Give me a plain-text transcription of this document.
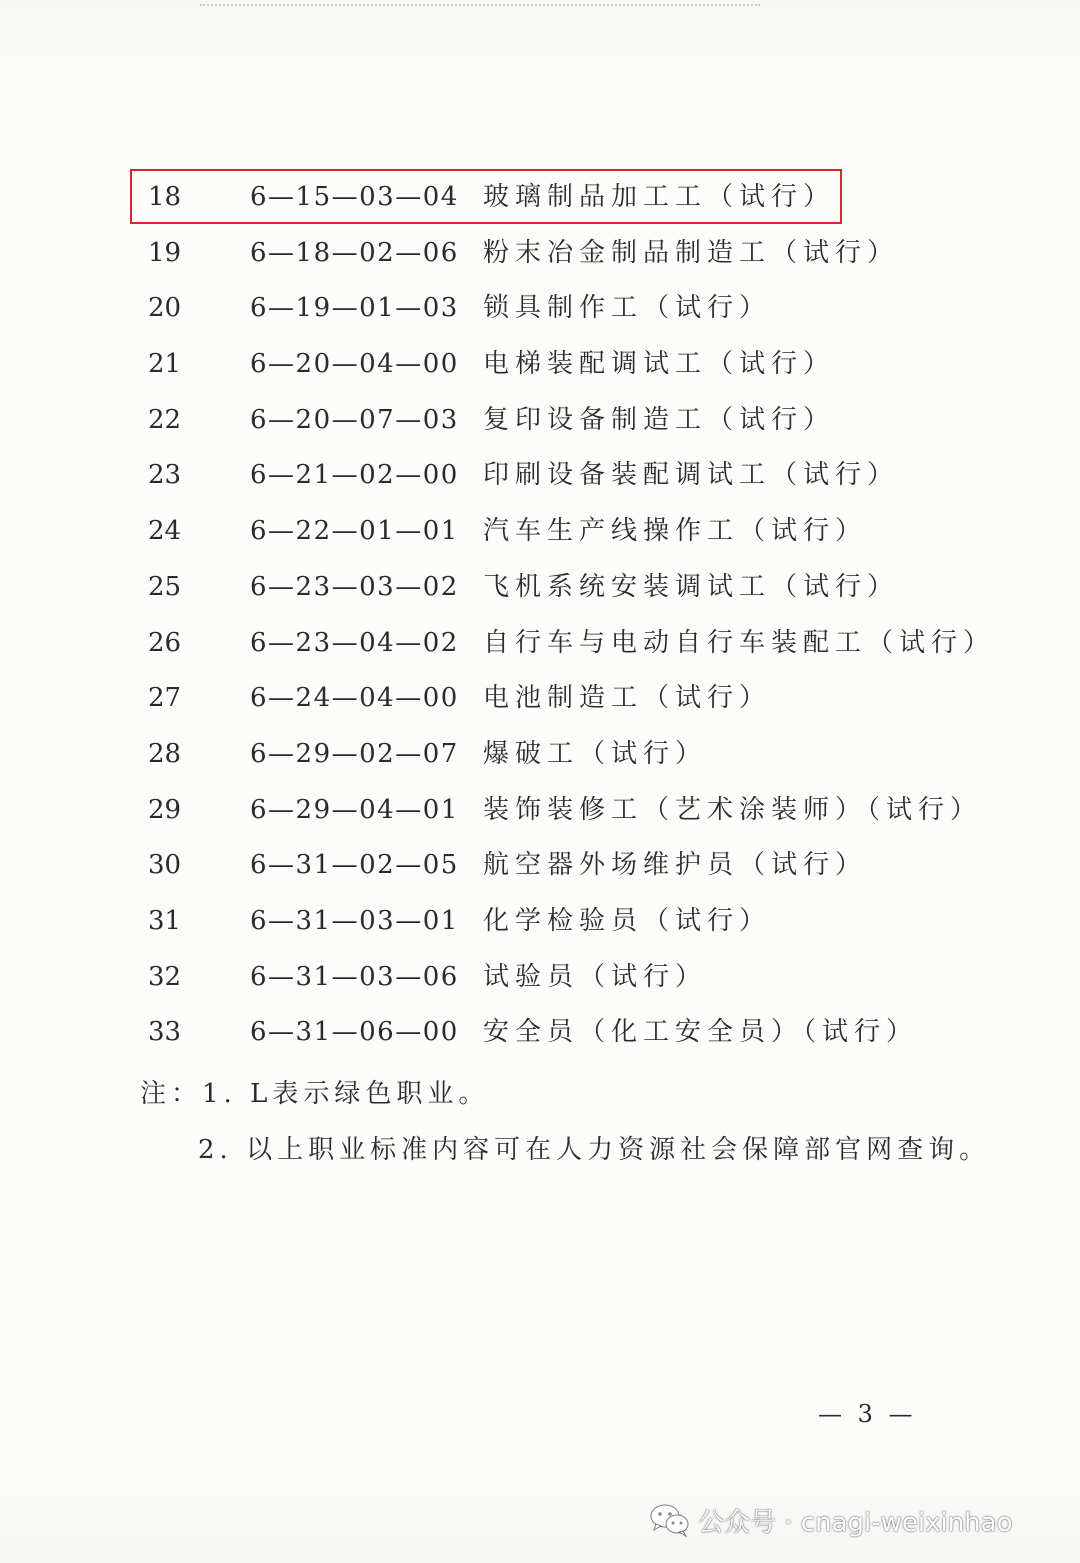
18	6—15—03—04 玻璃制品加工工（试行）
19	6—18—02—06 粉末冶金制品制造工（试行）
20	6—19—01—03 锁具制作工（试行）
21	6—20—04—00 电梯装配调试工（试行）
22	6—20—07—03 复印设备制造工（试行）
23	6—21—02—00 印刷设备装配调试工（试行）
24	6—22—01—01 汽车生产线操作工（试行）
25	6—23—03—02 飞机系统安装调试工（试行）
26	6—23—04—02 自行车与电动自行车装配工（试行）
27	6—24—04—00 电池制造工（试行）
28	6—29—02—07 爆破工（试行）
29	6—29—04—01 装饰装修工（艺术涂装师）（试行）
30	6—31—02—05 航空器外场维护员（试行）
31	6—31—03—01 化学检验员（试行）
32	6—31—03—06 试验员（试行）
33	6—31—06—00 安全员（化工安全员）（试行）
注：1. L表示绿色职业。
2. 以上职业标准内容可在人力资源社会保障部官网查询。
— 3 —
公众号 · cnagi-weixinhao
